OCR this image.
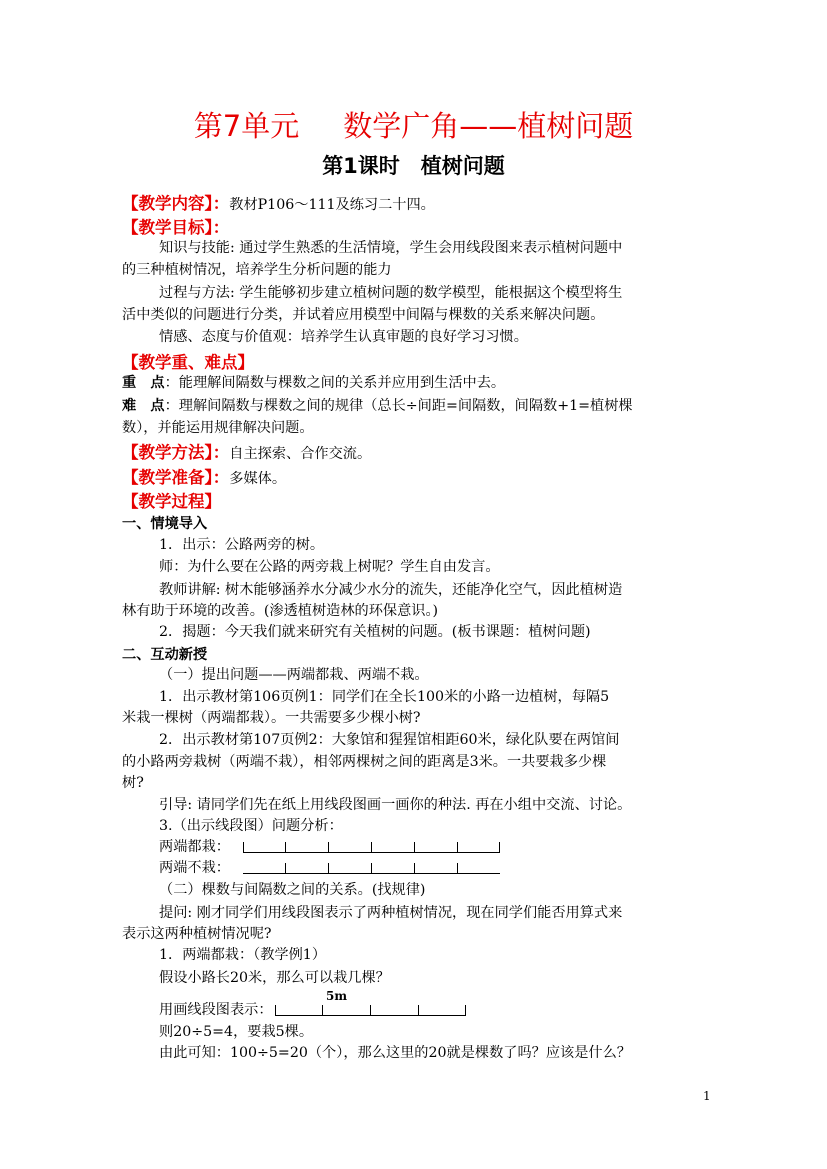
第7单元 数学广角——植树问题
第1课时　植树问题
【教学内容】：教材P106～111及练习二十四。
【教学目标】：
知识与技能: 通过学生熟悉的生活情境，学生会用线段图来表示植树问题中
的三种植树情况，培养学生分析问题的能力
过程与方法: 学生能够初步建立植树问题的数学模型，能根据这个模型将生
活中类似的问题进行分类，并试着应用模型中间隔与棵数的关系来解决问题。
情感、态度与价值观：培养学生认真审题的良好学习习惯。
【教学重、难点】
重　点：能理解间隔数与棵数之间的关系并应用到生活中去。
难　点：理解间隔数与棵数之间的规律（总长÷间距=间隔数，间隔数+1=植树棵
数），并能运用规律解决问题。
【教学方法】：自主探索、合作交流。
【教学准备】：多媒体。
【教学过程】
一、情境导入
1．出示：公路两旁的树。
师：为什么要在公路的两旁栽上树呢？学生自由发言。
教师讲解: 树木能够涵养水分减少水分的流失，还能净化空气，因此植树造
林有助于环境的改善。(渗透植树造林的环保意识。)
2．揭题：今天我们就来研究有关植树的问题。(板书课题：植树问题)
二、互动新授
（一）提出问题——两端都栽、两端不栽。
1．出示教材第106页例1：同学们在全长100米的小路一边植树，每隔5
米栽一棵树（两端都栽）。一共需要多少棵小树?
2．出示教材第107页例2：大象馆和猩猩馆相距60米，绿化队要在两馆间
的小路两旁栽树（两端不栽），相邻两棵树之间的距离是3米。一共要栽多少棵
树?
引导: 请同学们先在纸上用线段图画一画你的种法. 再在小组中交流、讨论。
3.（出示线段图）问题分析：
两端都栽：
两端不栽：
（二）棵数与间隔数之间的关系。(找规律)
提问: 刚才同学们用线段图表示了两种植树情况，现在同学们能否用算式来
表示这两种植树情况呢?
1．两端都栽：（教学例1）
假设小路长20米，那么可以栽几棵？
5m
用画线段图表示：
则20÷5=4，要栽5棵。
由此可知：100÷5=20（个），那么这里的20就是棵数了吗？应该是什么？
1
